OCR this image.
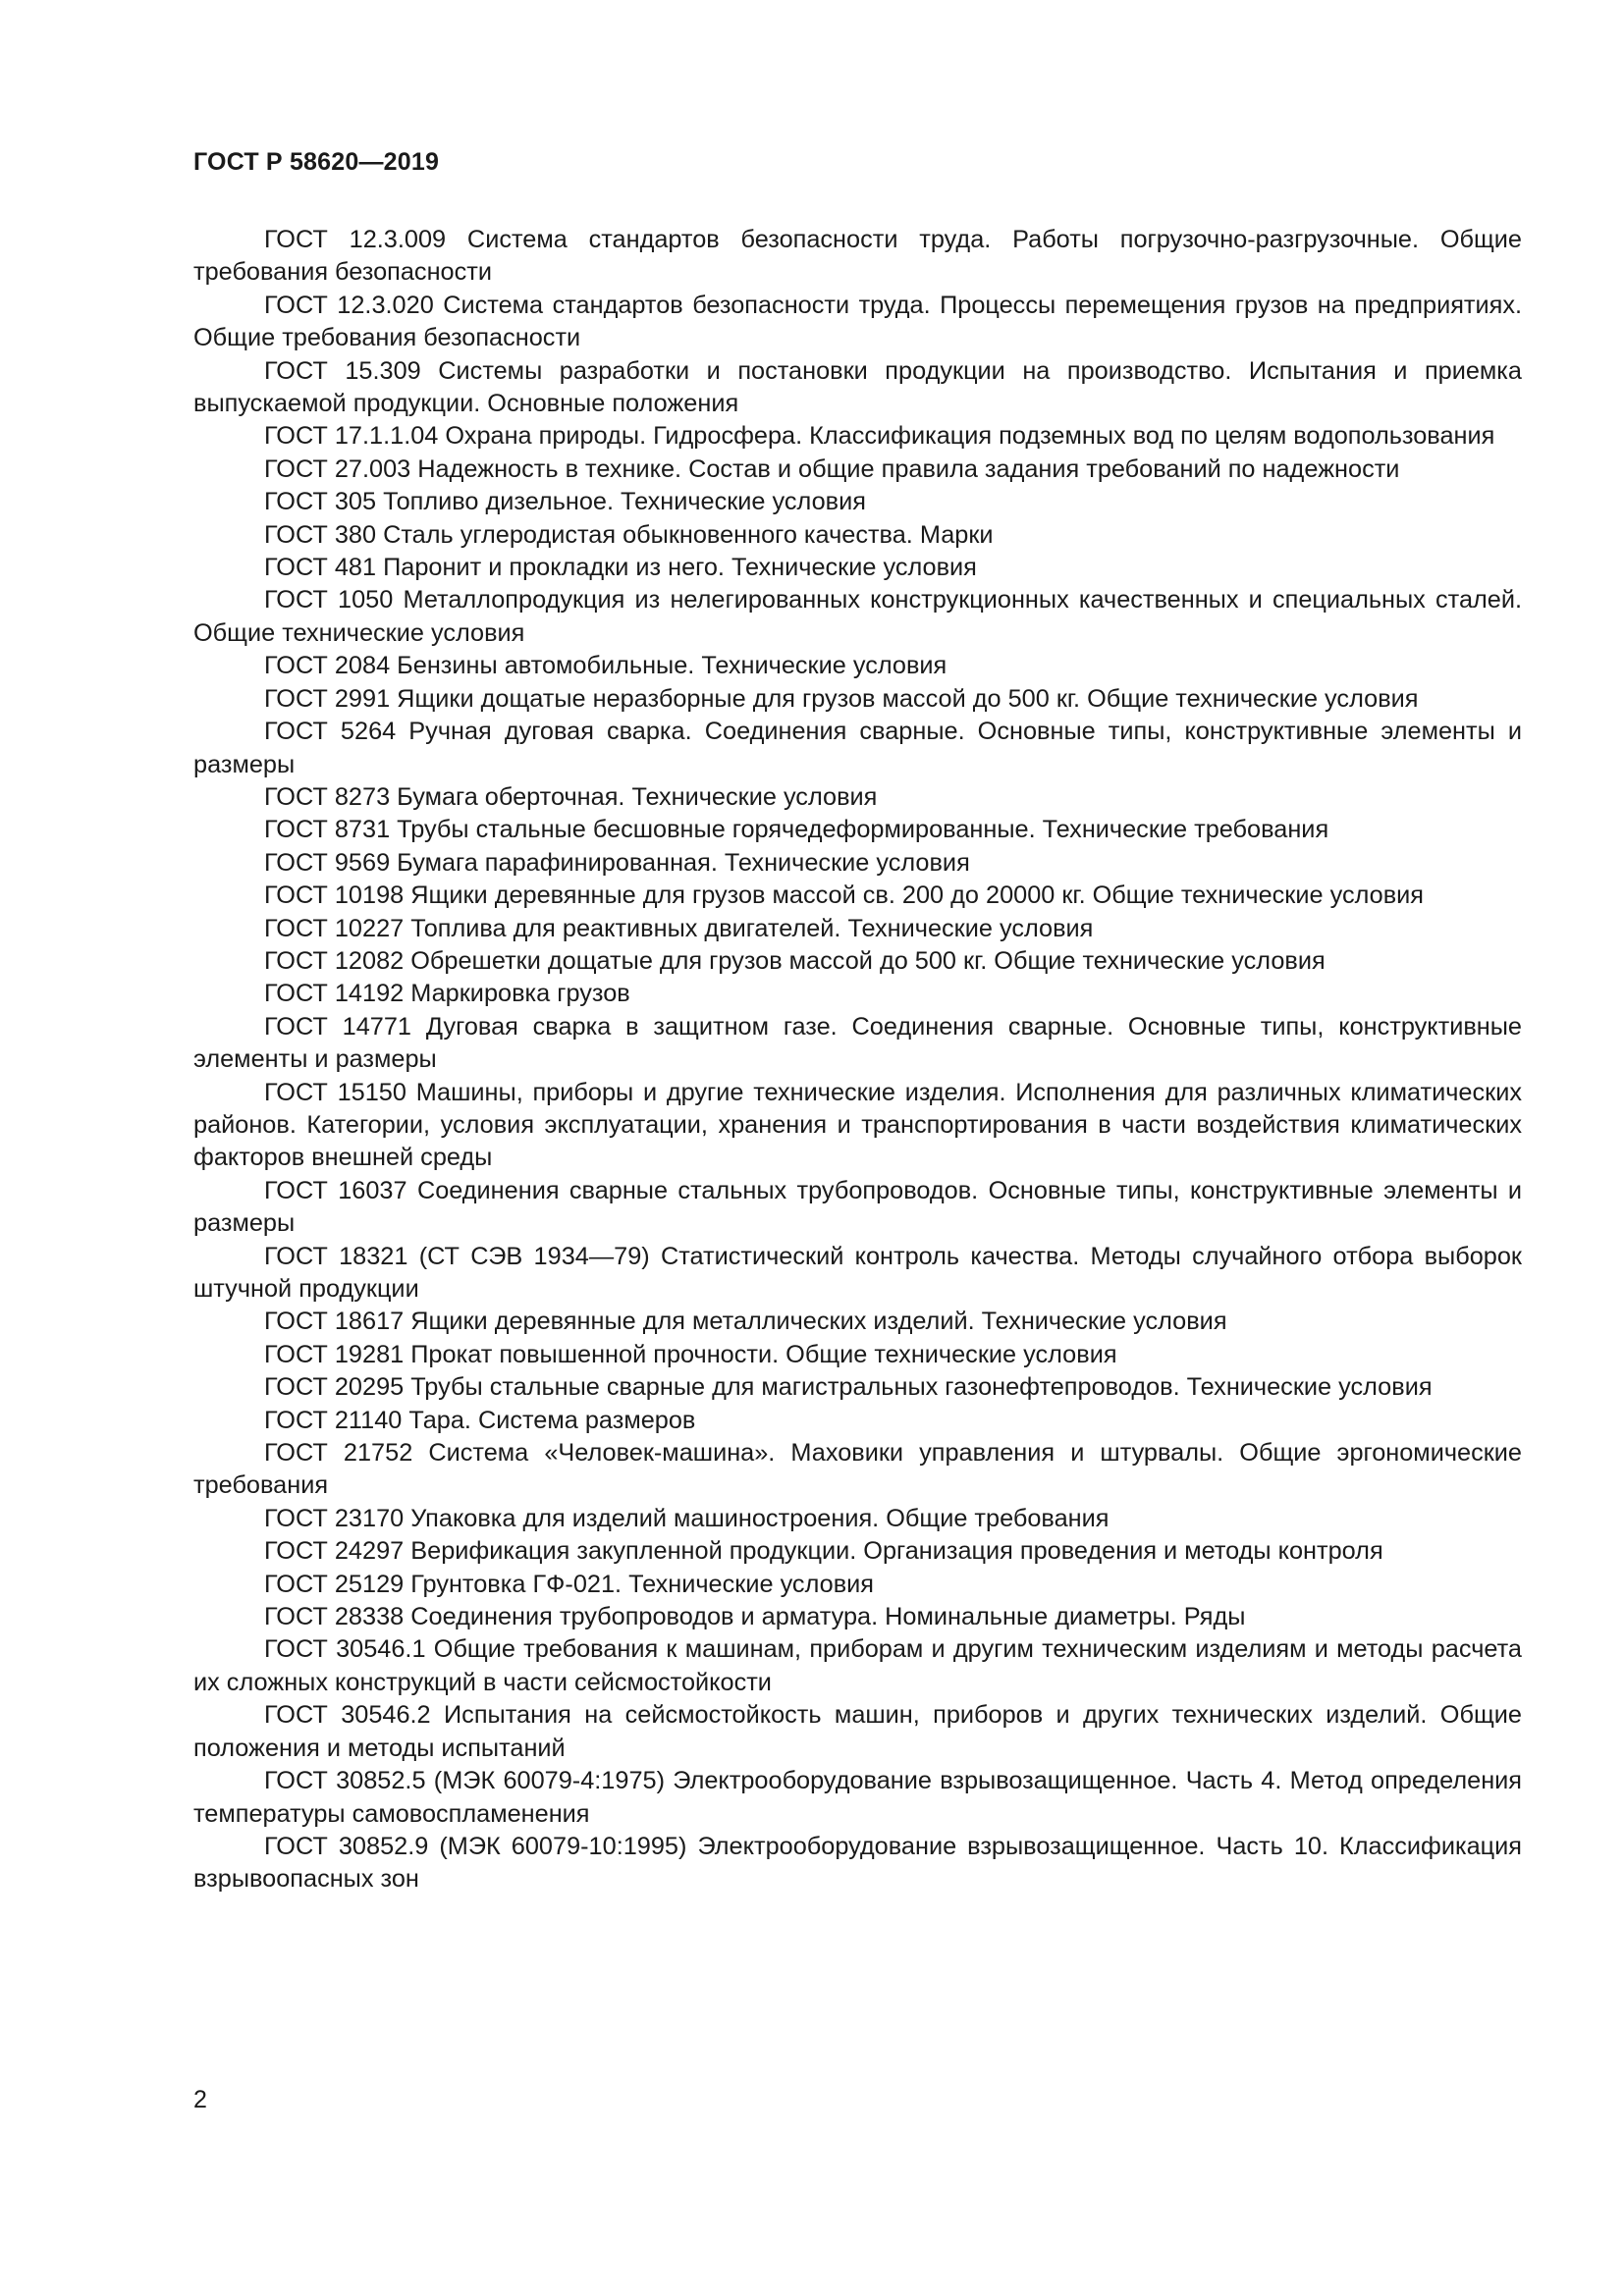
ГОСТ Р 58620—2019

ГОСТ 12.3.009 Система стандартов безопасности труда. Работы погрузочно-разгрузочные. Общие требования безопасности
ГОСТ 12.3.020 Система стандартов безопасности труда. Процессы перемещения грузов на предприятиях. Общие требования безопасности
ГОСТ 15.309 Системы разработки и постановки продукции на производство. Испытания и приемка выпускаемой продукции. Основные положения
ГОСТ 17.1.1.04 Охрана природы. Гидросфера. Классификация подземных вод по целям водопользования
ГОСТ 27.003 Надежность в технике. Состав и общие правила задания требований по надежности
ГОСТ 305 Топливо дизельное. Технические условия
ГОСТ 380 Сталь углеродистая обыкновенного качества. Марки
ГОСТ 481 Паронит и прокладки из него. Технические условия
ГОСТ 1050 Металлопродукция из нелегированных конструкционных качественных и специальных сталей. Общие технические условия
ГОСТ 2084 Бензины автомобильные. Технические условия
ГОСТ 2991 Ящики дощатые неразборные для грузов массой до 500 кг. Общие технические условия
ГОСТ 5264 Ручная дуговая сварка. Соединения сварные. Основные типы, конструктивные элементы и размеры
ГОСТ 8273 Бумага оберточная. Технические условия
ГОСТ 8731 Трубы стальные бесшовные горячедеформированные. Технические требования
ГОСТ 9569 Бумага парафинированная. Технические условия
ГОСТ 10198 Ящики деревянные для грузов массой св. 200 до 20000 кг. Общие технические условия
ГОСТ 10227 Топлива для реактивных двигателей. Технические условия
ГОСТ 12082 Обрешетки дощатые для грузов массой до 500 кг. Общие технические условия
ГОСТ 14192 Маркировка грузов
ГОСТ 14771 Дуговая сварка в защитном газе. Соединения сварные. Основные типы, конструктивные элементы и размеры
ГОСТ 15150 Машины, приборы и другие технические изделия. Исполнения для различных климатических районов. Категории, условия эксплуатации, хранения и транспортирования в части воздействия климатических факторов внешней среды
ГОСТ 16037 Соединения сварные стальных трубопроводов. Основные типы, конструктивные элементы и размеры
ГОСТ 18321 (СТ СЭВ 1934—79) Статистический контроль качества. Методы случайного отбора выборок штучной продукции
ГОСТ 18617 Ящики деревянные для металлических изделий. Технические условия
ГОСТ 19281 Прокат повышенной прочности. Общие технические условия
ГОСТ 20295 Трубы стальные сварные для магистральных газонефтепроводов. Технические условия
ГОСТ 21140 Тара. Система размеров
ГОСТ 21752 Система «Человек-машина». Маховики управления и штурвалы. Общие эргономические требования
ГОСТ 23170 Упаковка для изделий машиностроения. Общие требования
ГОСТ 24297 Верификация закупленной продукции. Организация проведения и методы контроля
ГОСТ 25129 Грунтовка ГФ-021. Технические условия
ГОСТ 28338 Соединения трубопроводов и арматура. Номинальные диаметры. Ряды
ГОСТ 30546.1 Общие требования к машинам, приборам и другим техническим изделиям и методы расчета их сложных конструкций в части сейсмостойкости
ГОСТ 30546.2 Испытания на сейсмостойкость машин, приборов и других технических изделий. Общие положения и методы испытаний
ГОСТ 30852.5 (МЭК 60079-4:1975) Электрооборудование взрывозащищенное. Часть 4. Метод определения температуры самовоспламенения
ГОСТ 30852.9 (МЭК 60079-10:1995) Электрооборудование взрывозащищенное. Часть 10. Классификация взрывоопасных зон

2
